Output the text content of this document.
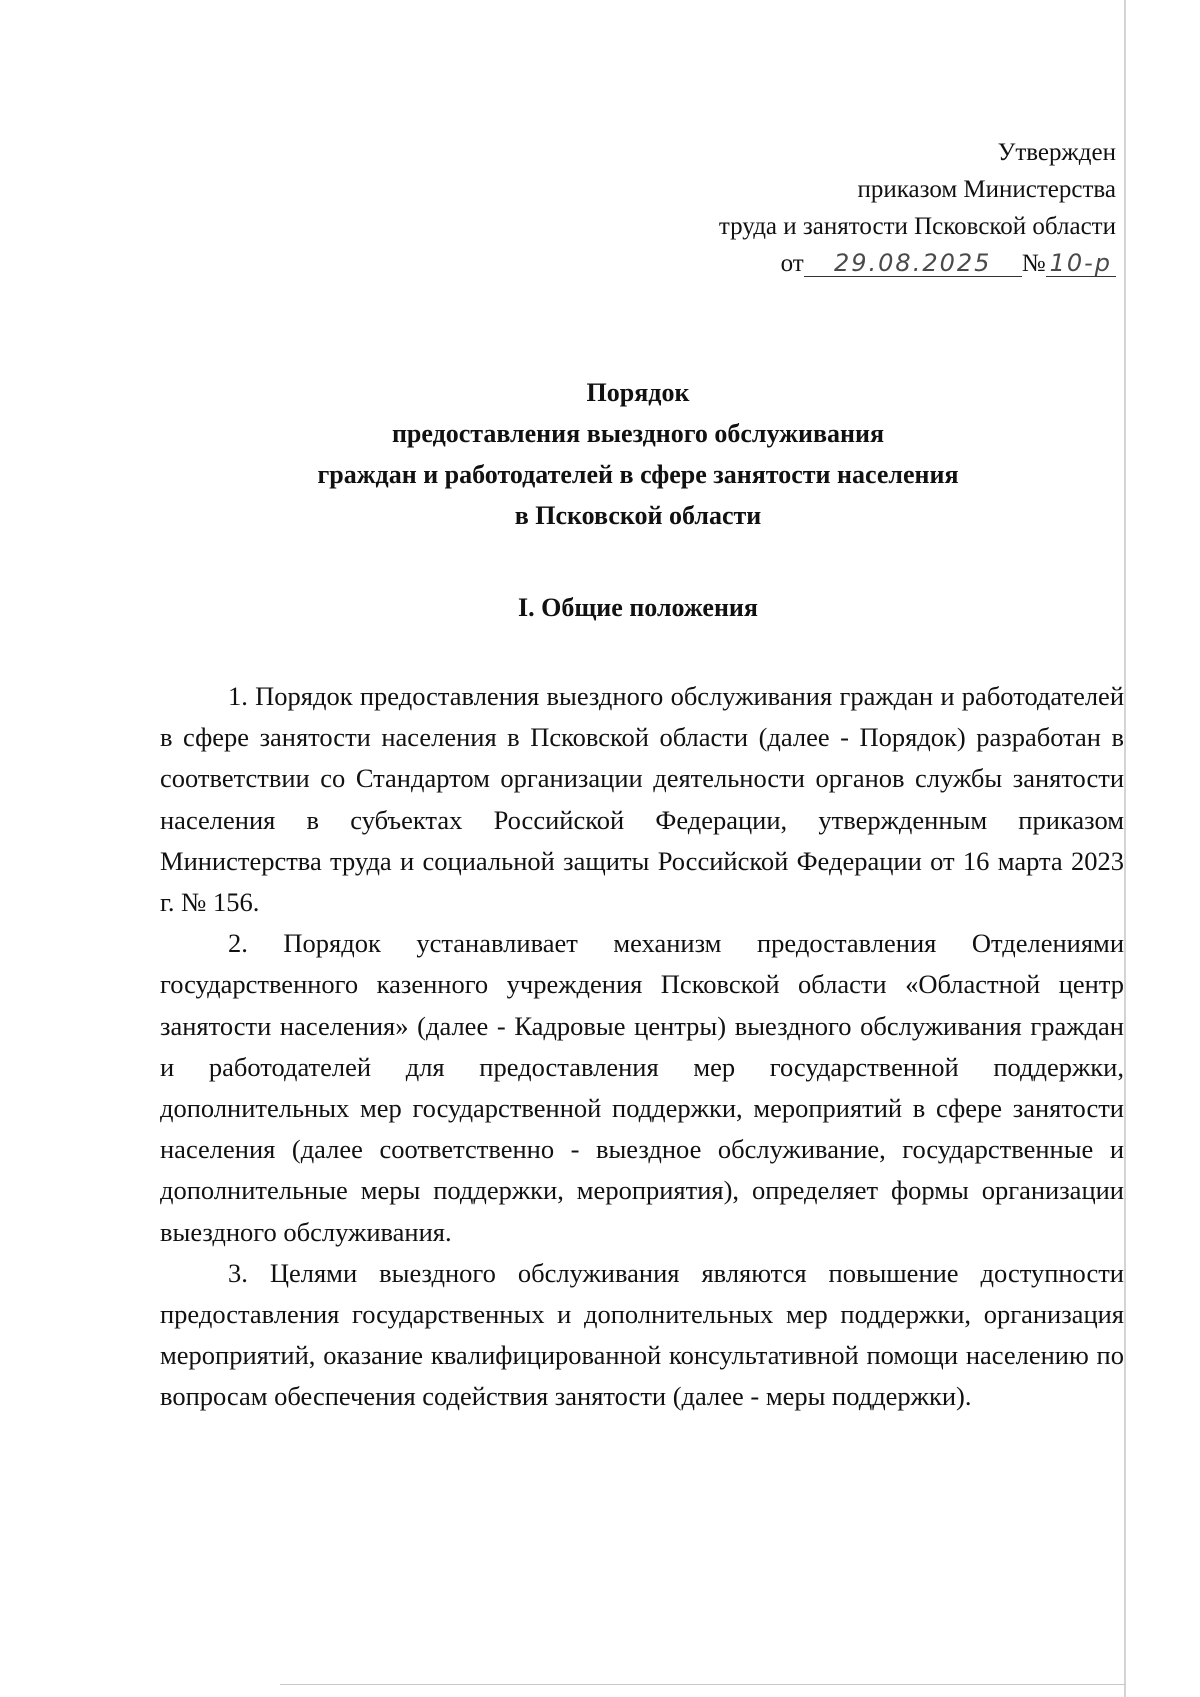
Утвержден
приказом Министерства
труда и занятости Псковской области
от	29.08.2025	№ 10-р
Порядок
предоставления выездного обслуживания
граждан и работодателей в сфере занятости населения
в Псковской области
I. Общие положения

1. Порядок предоставления выездного обслуживания граждан и работодателей в сфере занятости населения в Псковской области (далее - Порядок) разработан в соответствии со Стандартом организации деятельности органов службы занятости населения в субъектах Российской Федерации, утвержденным приказом Министерства труда и социальной защиты Российской Федерации от 16 марта 2023 г. № 156.

2. Порядок устанавливает механизм предоставления Отделениями государственного казенного учреждения Псковской области «Областной центр занятости населения» (далее - Кадровые центры) выездного обслуживания граждан и работодателей для предоставления мер государственной поддержки, дополнительных мер государственной поддержки, мероприятий в сфере занятости населения (далее соответственно - выездное обслуживание, государственные и дополнительные меры поддержки, мероприятия), определяет формы организации выездного обслуживания.

3. Целями выездного обслуживания являются повышение доступности предоставления государственных и дополнительных мер поддержки, организация мероприятий, оказание квалифицированной консультативной помощи населению по вопросам обеспечения содействия занятости (далее - меры поддержки).
